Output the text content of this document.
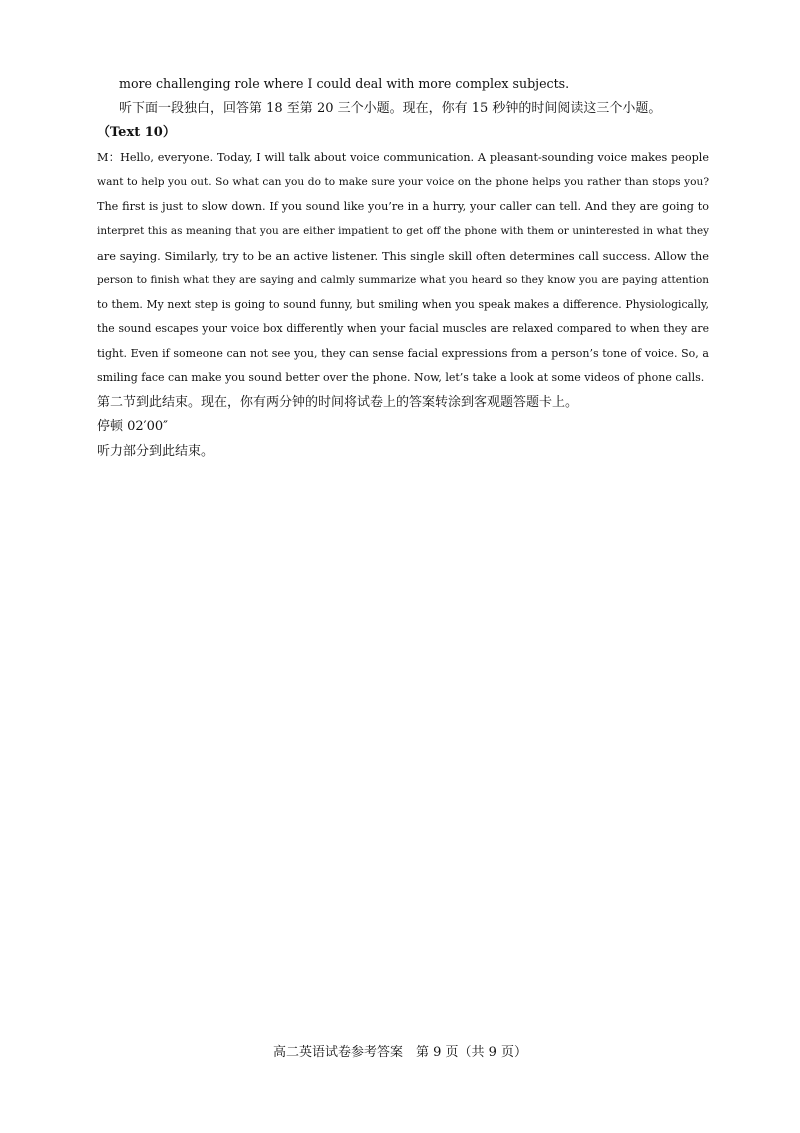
more challenging role where I could deal with more complex subjects.
听下面一段独白，回答第 18 至第 20 三个小题。现在，你有 15 秒钟的时间阅读这三个小题。
（Text 10）
M：Hello, everyone. Today, I will talk about voice communication. A pleasant-sounding voice makes people
want to help you out. So what can you do to make sure your voice on the phone helps you rather than stops you?
The first is just to slow down. If you sound like you’re in a hurry, your caller can tell. And they are going to
interpret this as meaning that you are either impatient to get off the phone with them or uninterested in what they
are saying. Similarly, try to be an active listener. This single skill often determines call success. Allow the
person to finish what they are saying and calmly summarize what you heard so they know you are paying attention
to them. My next step is going to sound funny, but smiling when you speak makes a difference. Physiologically,
the sound escapes your voice box differently when your facial muscles are relaxed compared to when they are
tight. Even if someone can not see you, they can sense facial expressions from a person’s tone of voice. So, a
smiling face can make you sound better over the phone. Now, let’s take a look at some videos of phone calls.
第二节到此结束。现在，你有两分钟的时间将试卷上的答案转涂到客观题答题卡上。
停顿 02′00″
听力部分到此结束。
高二英语试卷参考答案　第 9 页（共 9 页）
